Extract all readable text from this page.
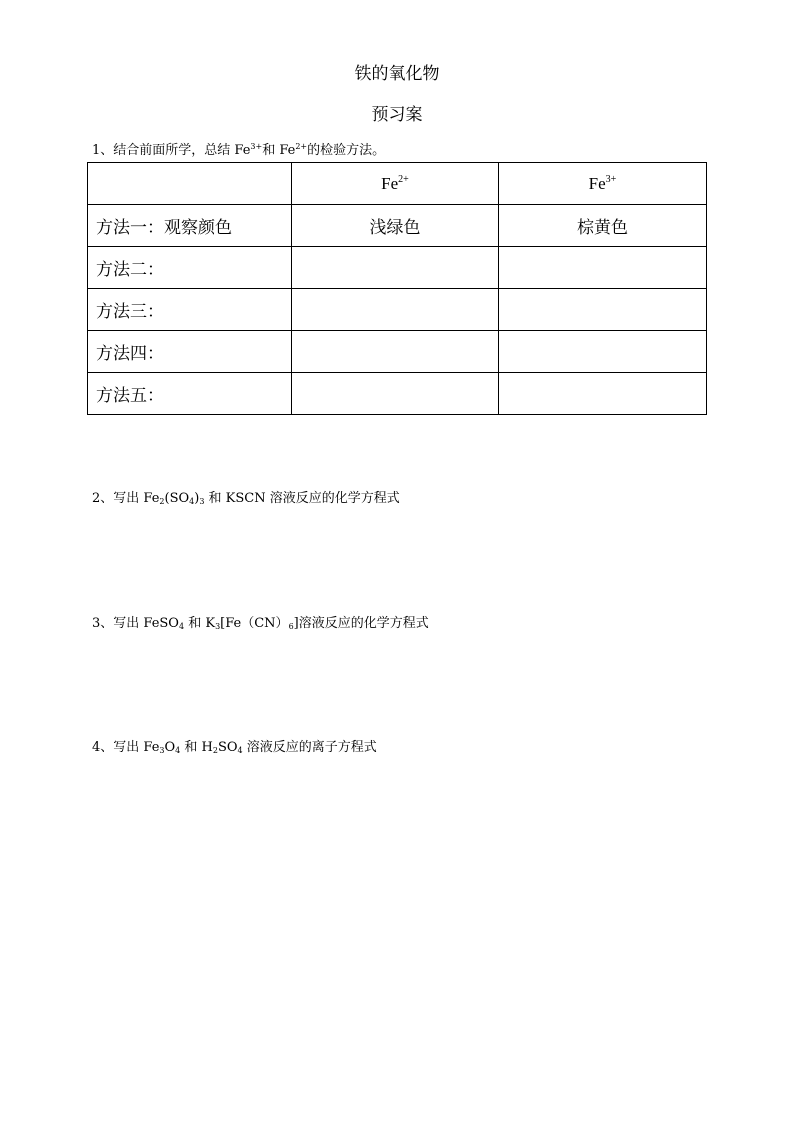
铁的氧化物
预习案
1、结合前面所学，总结 $Fe^{3+}$和 $Fe^{2+}$的检验方法。
	$Fe^{2+}$	$Fe^{3+}$
方法一：观察颜色	浅绿色	棕黄色
方法二：		
方法三：		
方法四：		
方法五：		
2、写出 $Fe_2(SO_4)_3$ 和 KSCN 溶液反应的化学方程式
3、写出 FeSO$_4$ 和 $K_3[Fe(CN)_6]$溶液反应的化学方程式
4、写出 $Fe_3O_4$ 和 $H_2SO_4$ 溶液反应的离子方程式
